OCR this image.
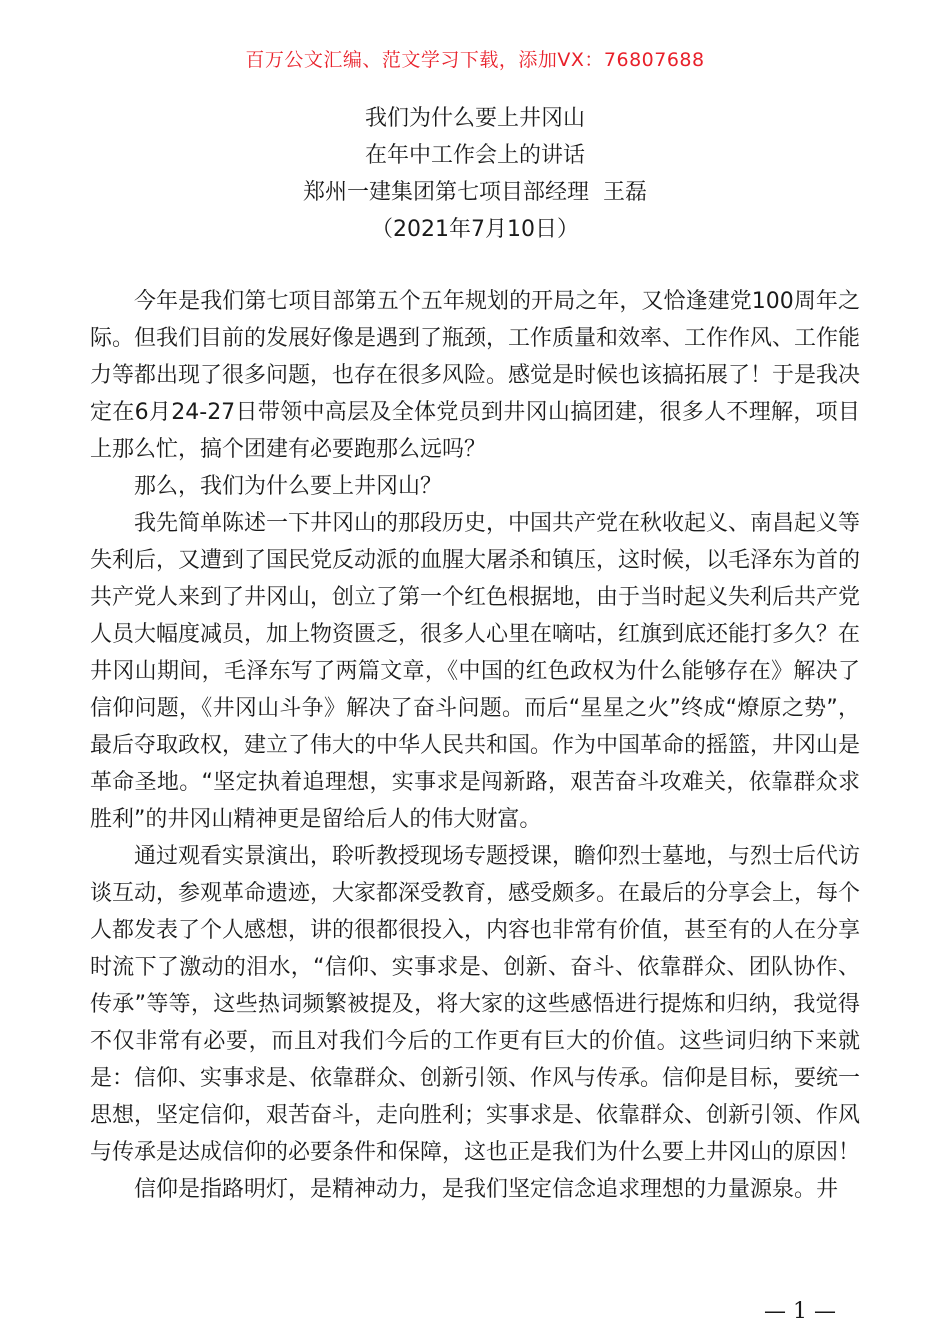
百万公文汇编、范文学习下载，添加VX：76807688
我们为什么要上井冈山
在年中工作会上的讲话
郑州一建集团第七项目部经理  王磊
（2021年7月10日）

今年是我们第七项目部第五个五年规划的开局之年，又恰逢建党100周年之际。但我们目前的发展好像是遇到了瓶颈，工作质量和效率、工作作风、工作能力等都出现了很多问题，也存在很多风险。感觉是时候也该搞拓展了！于是我决定在6月24-27日带领中高层及全体党员到井冈山搞团建，很多人不理解，项目上那么忙，搞个团建有必要跑那么远吗？

那么，我们为什么要上井冈山？

我先简单陈述一下井冈山的那段历史，中国共产党在秋收起义、南昌起义等失利后，又遭到了国民党反动派的血腥大屠杀和镇压，这时候，以毛泽东为首的共产党人来到了井冈山，创立了第一个红色根据地，由于当时起义失利后共产党人员大幅度减员，加上物资匮乏，很多人心里在嘀咕，红旗到底还能打多久？在井冈山期间，毛泽东写了两篇文章，《中国的红色政权为什么能够存在》解决了信仰问题，《井冈山斗争》解决了奋斗问题。而后“星星之火”终成“燎原之势”，最后夺取政权，建立了伟大的中华人民共和国。作为中国革命的摇篮，井冈山是革命圣地。“坚定执着追理想，实事求是闯新路，艰苦奋斗攻难关，依靠群众求胜利”的井冈山精神更是留给后人的伟大财富。

通过观看实景演出，聆听教授现场专题授课，瞻仰烈士墓地，与烈士后代访谈互动，参观革命遗迹，大家都深受教育，感受颇多。在最后的分享会上，每个人都发表了个人感想，讲的很都很投入，内容也非常有价值，甚至有的人在分享时流下了激动的泪水，“信仰、实事求是、创新、奋斗、依靠群众、团队协作、传承”等等，这些热词频繁被提及，将大家的这些感悟进行提炼和归纳，我觉得不仅非常有必要，而且对我们今后的工作更有巨大的价值。这些词归纳下来就是：信仰、实事求是、依靠群众、创新引领、作风与传承。信仰是目标，要统一思想，坚定信仰，艰苦奋斗，走向胜利；实事求是、依靠群众、创新引领、作风与传承是达成信仰的必要条件和保障，这也正是我们为什么要上井冈山的原因！

信仰是指路明灯，是精神动力，是我们坚定信念追求理想的力量源泉。井

— 1 —
